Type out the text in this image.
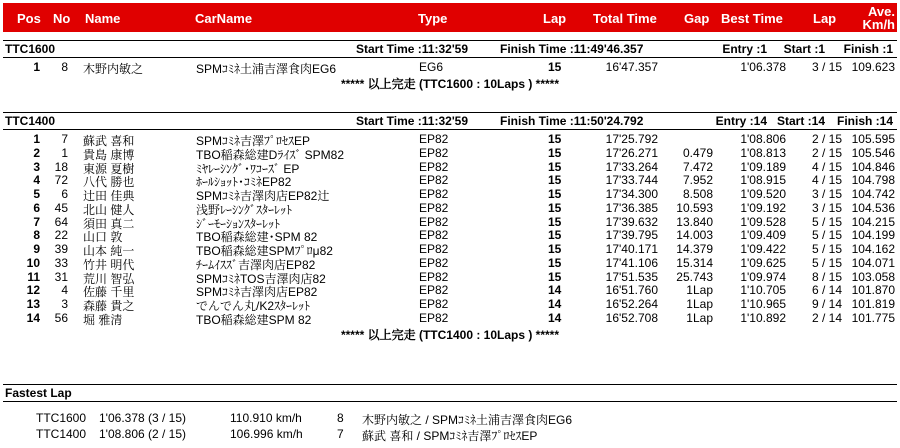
Pos No Name	CarName	Type	Lap Total Time Gap Best Time Lap	Ave.
Km/h
TTC1600	Start Time :11:32'59	Finish Time :11:49'46.357	Entry :1 Start :1 Finish :1
1 8 木野内敏之	SPMｺﾐﾈ土浦吉澤食肉EG6	EG6	15	16'47.357	1'06.378 3 / 15 109.623
***** 以上完走 (TTC1600 : 10Laps ) *****
TTC1400	Start Time :11:32'59	Finish Time :11:50'24.792	Entry :14 Start :14 Finish :14
1 7 蘇武 喜和	SPMｺﾐﾈ吉澤ﾌﾟﾛｾｽEP	EP82	15	17'25.792	1'08.806 2 / 15 105.595
2 1 貴島 康博	TBO稲森総建Dﾗｲｽﾞ SPM82	EP82	15	17'26.271 0.479 1'08.813 2 / 15 105.546
3 18 東源 夏樹	ﾐﾔﾚｰｼﾝｸﾞ･ﾜｺｰｽﾞ EP	EP82	15	17'33.264 7.472 1'09.189 4 / 15 104.846
4 72 八代 勝也	ﾎｰﾙｼｮｯﾄ･ｺﾐﾈEP82	EP82	15	17'33.744 7.952 1'08.915 4 / 15 104.798
5 6 辻田 佳典	SPMｺﾐﾈ吉澤肉店EP82辻	EP82	15	17'34.300 8.508 1'09.520 3 / 15 104.742
6 45 北山 健人	浅野ﾚｰｼﾝｸﾞｽﾀｰﾚｯﾄ	EP82	15	17'36.385 10.593 1'09.192 3 / 15 104.536
7 64 須田 真二	ｼﾞｰﾓｰｼｮﾝｽﾀｰﾚｯﾄ	EP82	15	17'39.632 13.840 1'09.528 5 / 15 104.215
8 22 山口 敦	TBO稲森総建･SPM 82	EP82	15	17'39.795 14.003 1'09.409 5 / 15 104.199
9 39 山本 純一	TBO稲森総建SPMﾌﾟﾛμ82	EP82	15	17'40.171 14.379 1'09.422 5 / 15 104.162
10 33 竹井 明代	ﾁｰﾑｲｽｽﾞ吉澤肉店EP82	EP82	15	17'41.106 15.314 1'09.625 5 / 15 104.071
11 31 荒川 智弘	SPMｺﾐﾈTOS吉澤肉店82	EP82	15	17'51.535 25.743 1'09.974 8 / 15 103.058
12 4 佐藤 千里	SPMｺﾐﾈ吉澤肉店EP82	EP82	14	16'51.760 1Lap 1'10.705 6 / 14 101.870
13 3 森藤 貴之	でんでん丸/K2ｽﾀｰﾚｯﾄ	EP82	14	16'52.264 1Lap 1'10.965 9 / 14 101.819
14 56 堀 雅清	TBO稲森総建SPM 82	EP82	14	16'52.708 1Lap 1'10.892 2 / 14 101.775
***** 以上完走 (TTC1400 : 10Laps ) *****
Fastest Lap
TTC1600 1'06.378 (3 / 15)	110.910 km/h	8 木野内敏之 / SPMｺﾐﾈ土浦吉澤食肉EG6
TTC1400 1'08.806 (2 / 15)	106.996 km/h	7 蘇武 喜和 / SPMｺﾐﾈ吉澤ﾌﾟﾛｾｽEP
